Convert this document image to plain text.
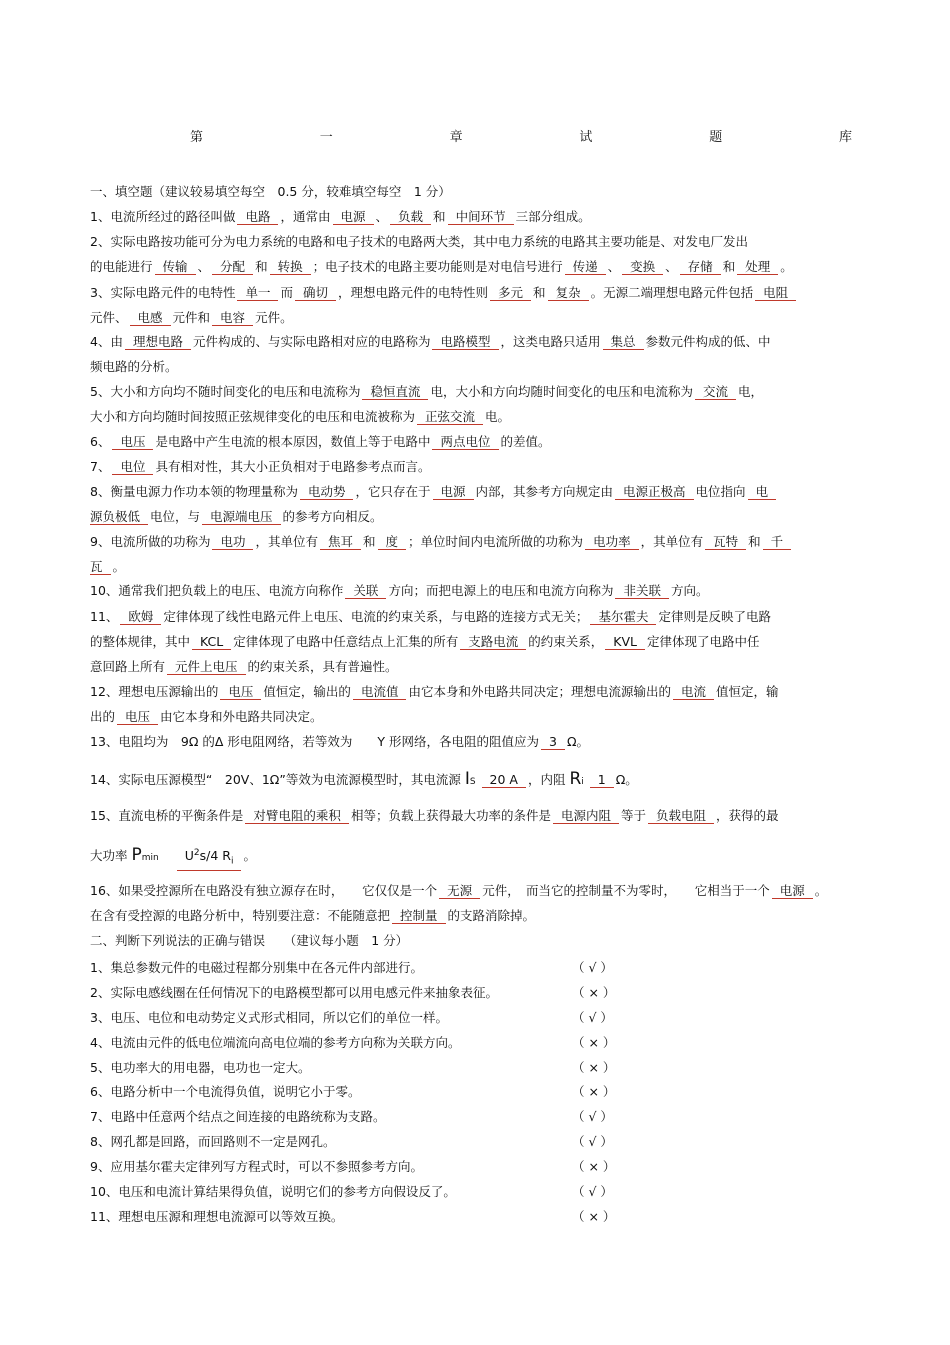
第	一	章	试	题	库
一、填空题（建议较易填空每空　0.5 分，较难填空每空　1 分）
1、电流所经过的路径叫做 电路 ，通常由 电源 、 负载 和 中间环节 三部分组成。
2、实际电路按功能可分为电力系统的电路和电子技术的电路两大类，其中电力系统的电路其主要功能是、对发电厂发出
的电能进行 传输 、 分配 和 转换 ；电子技术的电路主要功能则是对电信号进行 传递 、 变换 、 存储 和 处理 。
3、实际电路元件的电特性 单一 而 确切 ，理想电路元件的电特性则 多元 和 复杂 。无源二端理想电路元件包括 电阻
元件、 电感 元件和 电容 元件。
4、由 理想电路 元件构成的、与实际电路相对应的电路称为 电路模型 ，这类电路只适用 集总 参数元件构成的低、中
频电路的分析。
5、大小和方向均不随时间变化的电压和电流称为 稳恒直流 电，大小和方向均随时间变化的电压和电流称为 交流 电，
大小和方向均随时间按照正弦规律变化的电压和电流被称为 正弦交流 电。
6、 电压 是电路中产生电流的根本原因，数值上等于电路中 两点电位 的差值。
7、 电位 具有相对性，其大小正负相对于电路参考点而言。
8、衡量电源力作功本领的物理量称为 电动势 ，它只存在于 电源 内部，其参考方向规定由 电源正极高 电位指向 电
源负极低 电位，与 电源端电压 的参考方向相反。
9、电流所做的功称为 电功 ，其单位有 焦耳 和 度 ；单位时间内电流所做的功称为 电功率 ，其单位有 瓦特 和 千
瓦 。
10、通常我们把负载上的电压、电流方向称作 关联 方向；而把电源上的电压和电流方向称为 非关联 方向。
11、 欧姆 定律体现了线性电路元件上电压、电流的约束关系，与电路的连接方式无关； 基尔霍夫 定律则是反映了电路
的整体规律，其中 KCL 定律体现了电路中任意结点上汇集的所有 支路电流 的约束关系， KVL 定律体现了电路中任
意回路上所有 元件上电压 的约束关系，具有普遍性。
12、理想电压源输出的 电压 值恒定，输出的 电流值 由它本身和外电路共同决定；理想电流源输出的 电流 值恒定，输
出的 电压 由它本身和外电路共同决定。
13、电阻均为　9Ω 的Δ 形电阻网络，若等效为　　Y 形网络，各电阻的阻值应为 3 Ω。
14、实际电压源模型“　20V、1Ω”等效为电流源模型时，其电流源 IS 20 A ，内阻 Ri 1 Ω。
15、直流电桥的平衡条件是 对臂电阻的乘积 相等；负载上获得最大功率的条件是 电源内阻 等于 负载电阻 ，获得的最
大功率 Pmin $U^2s/4$ $R_i$ 。
16、如果受控源所在电路没有独立源存在时，　　它仅仅是一个 无源 元件，　而当它的控制量不为零时，　　它相当于一个 电源 。
在含有受控源的电路分析中，特别要注意：不能随意把 控制量 的支路消除掉。
二、判断下列说法的正确与错误　　（建议每小题　1 分）
1、集总参数元件的电磁过程都分别集中在各元件内部进行。	（ √ ）
2、实际电感线圈在任何情况下的电路模型都可以用电感元件来抽象表征。	（ × ）
3、电压、电位和电动势定义式形式相同，所以它们的单位一样。	（ √ ）
4、电流由元件的低电位端流向高电位端的参考方向称为关联方向。	（ × ）
5、电功率大的用电器，电功也一定大。	（ × ）
6、电路分析中一个电流得负值，说明它小于零。	（ × ）
7、电路中任意两个结点之间连接的电路统称为支路。	（ √ ）
8、网孔都是回路，而回路则不一定是网孔。	（ √ ）
9、应用基尔霍夫定律列写方程式时，可以不参照参考方向。	（ × ）
10、电压和电流计算结果得负值，说明它们的参考方向假设反了。	（ √ ）
11、理想电压源和理想电流源可以等效互换。	（ × ）
